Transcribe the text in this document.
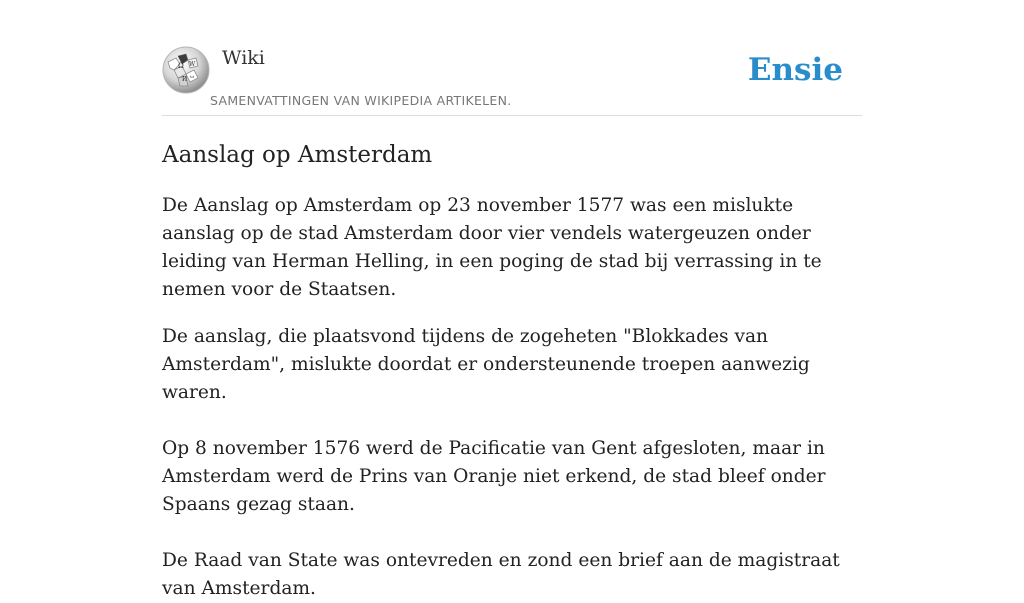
Ω W
И ω
Wiki
SAMENVATTINGEN VAN WIKIPEDIA ARTIKELEN.
Ensie
Aanslag op Amsterdam

De Aanslag op Amsterdam op 23 november 1577 was een mislukte aanslag op de stad Amsterdam door vier vendels watergeuzen onder leiding van Herman Helling, in een poging de stad bij verrassing in te nemen voor de Staatsen.

De aanslag, die plaatsvond tijdens de zogeheten "Blokkades van Amsterdam", mislukte doordat er ondersteunende troepen aanwezig waren.

Op 8 november 1576 werd de Pacificatie van Gent afgesloten, maar in Amsterdam werd de Prins van Oranje niet erkend, de stad bleef onder Spaans gezag staan.

De Raad van State was ontevreden en zond een brief aan de magistraat van Amsterdam.
